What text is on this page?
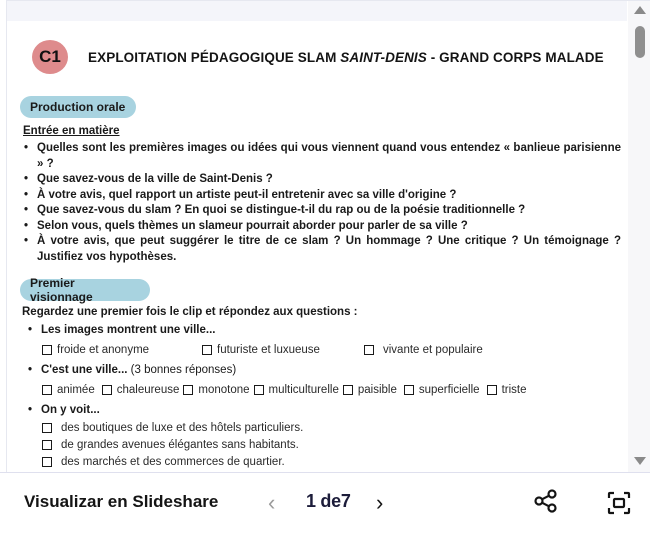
C1	EXPLOITATION PÉDAGOGIQUE SLAM SAINT-DENIS - GRAND CORPS MALADE
Production orale
Entrée en matière
• Quelles sont les premières images ou idées qui vous viennent quand vous entendez « banlieue parisienne » ?
• Que savez-vous de la ville de Saint-Denis ?
• À votre avis, quel rapport un artiste peut-il entretenir avec sa ville d'origine ?
• Que savez-vous du slam ? En quoi se distingue-t-il du rap ou de la poésie traditionnelle ?
• Selon vous, quels thèmes un slameur pourrait aborder pour parler de sa ville ?
• À votre avis, que peut suggérer le titre de ce slam ? Un hommage ? Une critique ? Un témoignage ? Justifiez vos hypothèses.
Premier visionnage
Regardez une premier fois le clip et répondez aux questions :
• Les images montrent une ville...
froide et anonyme	futuriste et luxueuse	vivante et populaire
• C'est une ville... (3 bonnes réponses)
animée chaleureuse monotone multiculturelle paisible superficielle triste
• On y voit...
des boutiques de luxe et des hôtels particuliers.
de grandes avenues élégantes sans habitants.
des marchés et des commerces de quartier.
Visualizar en Slideshare ‹ 1 de7 ›
